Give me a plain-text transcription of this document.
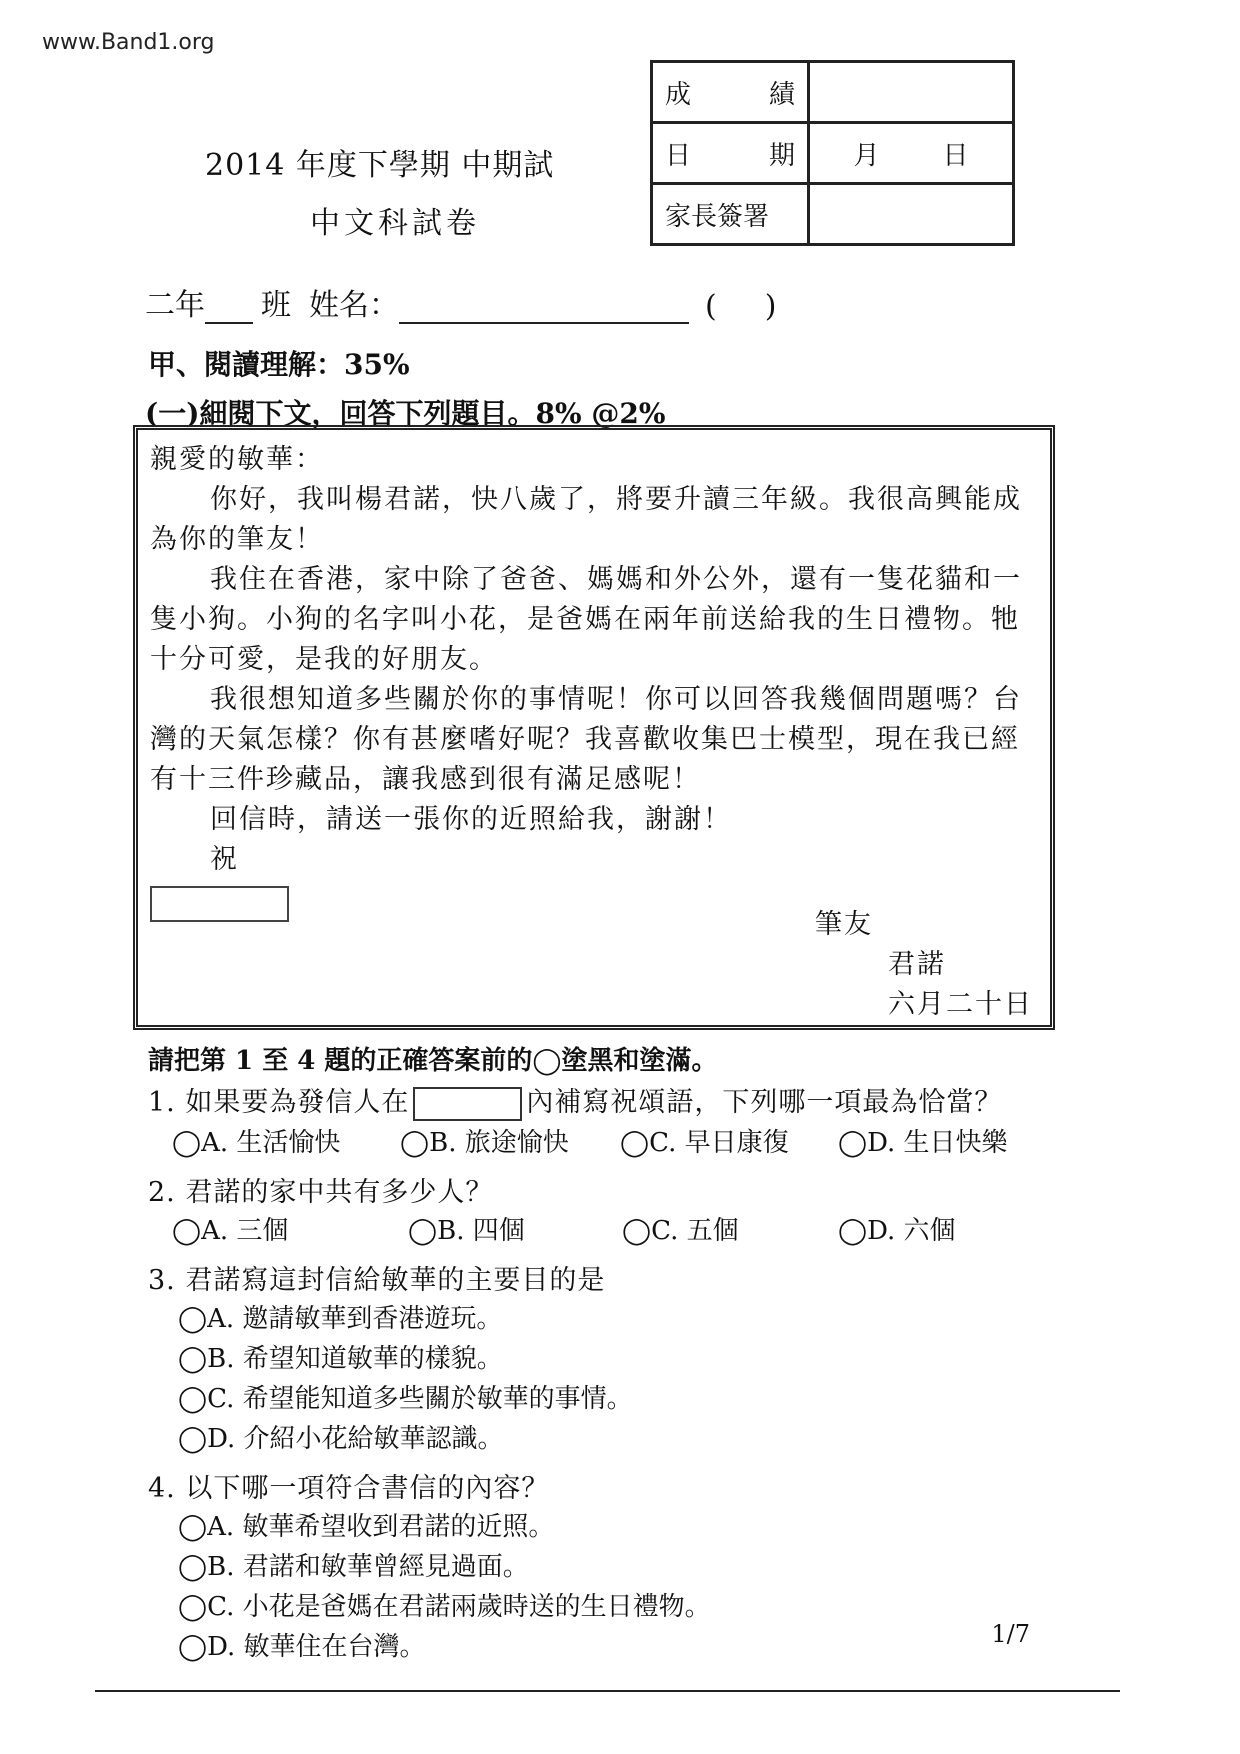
www.Band1.org
2014 年度下學期 中期試
中文科試卷
成 績	

日 期	月 日

家長簽署	
二年 班 姓名：	( )
甲、閱讀理解：35%
(一)細閱下文，回答下列題目。8% @2%

親愛的敏華：

你好，我叫楊君諾，快八歲了，將要升讀三年級。我很高興能成為你的筆友！

我住在香港，家中除了爸爸、媽媽和外公外，還有一隻花貓和一隻小狗。小狗的名字叫小花，是爸媽在兩年前送給我的生日禮物。牠十分可愛，是我的好朋友。

我很想知道多些關於你的事情呢！你可以回答我幾個問題嗎？台灣的天氣怎樣？你有甚麼嗜好呢？我喜歡收集巴士模型，現在我已經有十三件珍藏品，讓我感到很有滿足感呢！

回信時，請送一張你的近照給我，謝謝！

祝

筆友
君諾
六月二十日
請把第 1 至 4 題的正確答案前的◯塗黑和塗滿。
1. 如果要為發信人在	內補寫祝頌語，下列哪一項最為恰當？
◯A. 生活愉快 ◯B. 旅途愉快 ◯C. 早日康復 ◯D. 生日快樂
2. 君諾的家中共有多少人？
◯A. 三個	◯B. 四個	◯C. 五個	◯D. 六個
3. 君諾寫這封信給敏華的主要目的是
◯A. 邀請敏華到香港遊玩。
◯B. 希望知道敏華的樣貌。
◯C. 希望能知道多些關於敏華的事情。
◯D. 介紹小花給敏華認識。
4. 以下哪一項符合書信的內容？
◯A. 敏華希望收到君諾的近照。
◯B. 君諾和敏華曾經見過面。
◯C. 小花是爸媽在君諾兩歲時送的生日禮物。
◯D. 敏華住在台灣。	1/7
